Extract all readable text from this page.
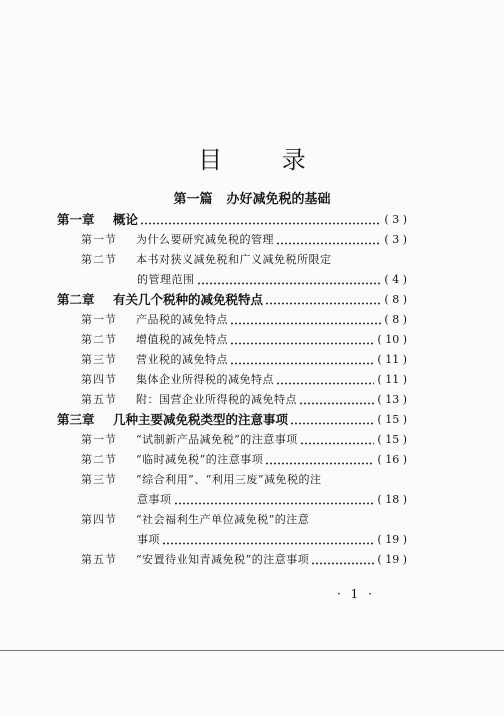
目 录
第一篇 办好减免税的基础
第一章 概论	( 3 )
第一节 为什么要研究减免税的管理	( 3 )
第二节 本书对狭义减免税和广义减免税所限定
的管理范围	( 4 )
第二章 有关几个税种的减免税特点	( 8 )
第一节 产品税的减免特点	( 8 )
第二节 增值税的减免特点	( 10 )
第三节 营业税的减免特点	( 11 )
第四节 集体企业所得税的减免特点	( 11 )
第五节 附：国营企业所得税的减免特点	( 13 )
第三章 几种主要减免税类型的注意事项	( 15 )
第一节 “试制新产品减免税”的注意事项	( 15 )
第二节 “临时减免税”的注意事项	( 16 )
第三节 “综合利用”、“利用三废”减免税的注
意事项	( 18 )
第四节 “社会福利生产单位减免税”的注意
事项	( 19 )
第五节 “安置待业知青减免税”的注意事项	( 19 )
· 1 ·
